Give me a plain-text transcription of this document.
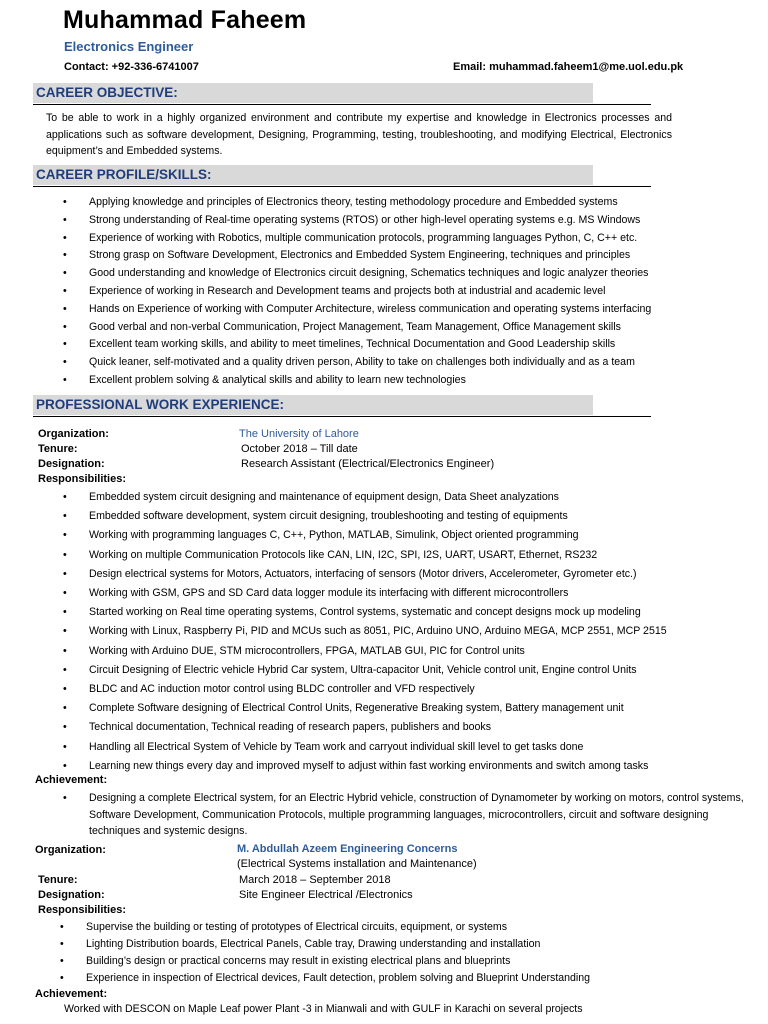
Muhammad Faheem
Electronics Engineer
Contact: +92-336-6741007	Email: muhammad.faheem1@me.uol.edu.pk
CAREER OBJECTIVE:
To be able to work in a highly organized environment and contribute my expertise and knowledge in Electronics processes and applications such as software development, Designing, Programming, testing, troubleshooting, and modifying Electrical, Electronics equipment’s and Embedded systems.
CAREER PROFILE/SKILLS:
• Applying knowledge and principles of Electronics theory, testing methodology procedure and Embedded systems
• Strong understanding of Real-time operating systems (RTOS) or other high-level operating systems e.g. MS Windows
• Experience of working with Robotics, multiple communication protocols, programming languages Python, C, C++ etc.
• Strong grasp on Software Development, Electronics and Embedded System Engineering, techniques and principles
• Good understanding and knowledge of Electronics circuit designing, Schematics techniques and logic analyzer theories
• Experience of working in Research and Development teams and projects both at industrial and academic level
• Hands on Experience of working with Computer Architecture, wireless communication and operating systems interfacing
• Good verbal and non-verbal Communication, Project Management, Team Management, Office Management skills
• Excellent team working skills, and ability to meet timelines, Technical Documentation and Good Leadership skills
• Quick leaner, self-motivated and a quality driven person, Ability to take on challenges both individually and as a team
• Excellent problem solving & analytical skills and ability to learn new technologies
PROFESSIONAL WORK EXPERIENCE:
Organization:	The University of Lahore
Tenure:	October 2018 – Till date
Designation:	Research Assistant (Electrical/Electronics Engineer)
Responsibilities:
• Embedded system circuit designing and maintenance of equipment design, Data Sheet analyzations
• Embedded software development, system circuit designing, troubleshooting and testing of equipments
• Working with programming languages C, C++, Python, MATLAB, Simulink, Object oriented programming
• Working on multiple Communication Protocols like CAN, LIN, I2C, SPI, I2S, UART, USART, Ethernet, RS232
• Design electrical systems for Motors, Actuators, interfacing of sensors (Motor drivers, Accelerometer, Gyrometer etc.)
• Working with GSM, GPS and SD Card data logger module its interfacing with different microcontrollers
• Started working on Real time operating systems, Control systems, systematic and concept designs mock up modeling
• Working with Linux, Raspberry Pi, PID and MCUs such as 8051, PIC, Arduino UNO, Arduino MEGA, MCP 2551, MCP 2515
• Working with Arduino DUE, STM microcontrollers, FPGA, MATLAB GUI, PIC for Control units
• Circuit Designing of Electric vehicle Hybrid Car system, Ultra-capacitor Unit, Vehicle control unit, Engine control Units
• BLDC and AC induction motor control using BLDC controller and VFD respectively
• Complete Software designing of Electrical Control Units, Regenerative Breaking system, Battery management unit
• Technical documentation, Technical reading of research papers, publishers and books
• Handling all Electrical System of Vehicle by Team work and carryout individual skill level to get tasks done
• Learning new things every day and improved myself to adjust within fast working environments and switch among tasks
Achievement:
• Designing a complete Electrical system, for an Electric Hybrid vehicle, construction of Dynamometer by working on motors, control systems, Software Development, Communication Protocols, multiple programming languages, microcontrollers, circuit and software designing techniques and systemic designs.
Organization:	M. Abdullah Azeem Engineering Concerns
(Electrical Systems installation and Maintenance)
Tenure:	March 2018 – September 2018
Designation:	Site Engineer Electrical /Electronics
Responsibilities:
• Supervise the building or testing of prototypes of Electrical circuits, equipment, or systems
• Lighting Distribution boards, Electrical Panels, Cable tray, Drawing understanding and installation
• Building’s design or practical concerns may result in existing electrical plans and blueprints
• Experience in inspection of Electrical devices, Fault detection, problem solving and Blueprint Understanding
Achievement:
Worked with DESCON on Maple Leaf power Plant -3 in Mianwali and with GULF in Karachi on several projects
